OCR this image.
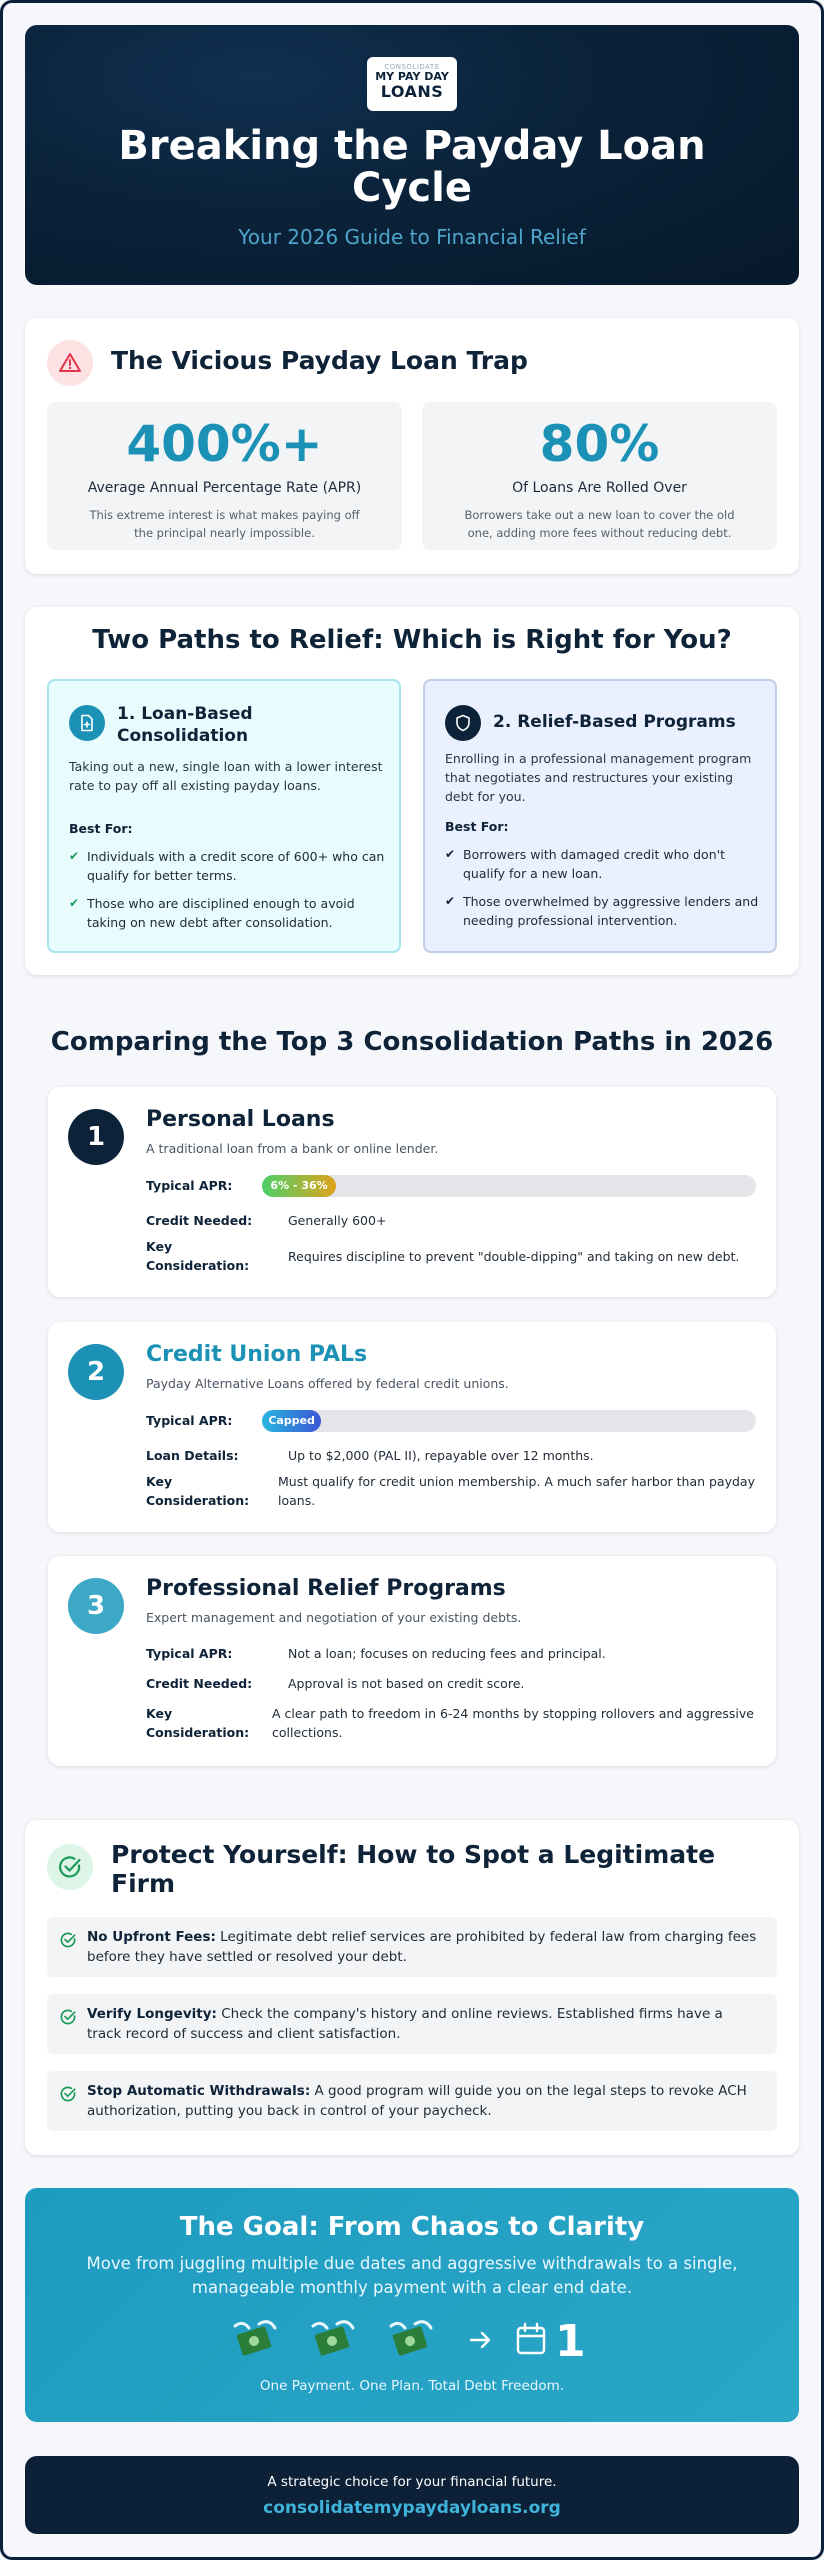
CONSOLIDATE
MY PAY DAY
LOANS
Breaking the Payday Loan Cycle
Your 2026 Guide to Financial Relief
The Vicious Payday Loan Trap
400%+
Average Annual Percentage Rate (APR)
This extreme interest is what makes paying off the principal nearly impossible.
80%
Of Loans Are Rolled Over
Borrowers take out a new loan to cover the old one, adding more fees without reducing debt.
Two Paths to Relief: Which is Right for You?
1. Loan-Based Consolidation
Taking out a new, single loan with a lower interest rate to pay off all existing payday loans.
Best For:
✔ Individuals with a credit score of 600+ who can qualify for better terms.
✔ Those who are disciplined enough to avoid taking on new debt after consolidation.
2. Relief-Based Programs
Enrolling in a professional management program that negotiates and restructures your existing debt for you.
Best For:
✔ Borrowers with damaged credit who don't qualify for a new loan.
✔ Those overwhelmed by aggressive lenders and needing professional intervention.
Comparing the Top 3 Consolidation Paths in 2026
1
Personal Loans
A traditional loan from a bank or online lender.
Typical APR:	6% - 36%
Credit Needed:	Generally 600+
Key Consideration:
Requires discipline to prevent "double-dipping" and taking on new debt.
2
Credit Union PALs
Payday Alternative Loans offered by federal credit unions.
Typical APR:	Capped at 28%
Loan Details:	Up to $2,000 (PAL II), repayable over 12 months.
Key Consideration:
Must qualify for credit union membership. A much safer harbor than payday loans.
3
Professional Relief Programs
Expert management and negotiation of your existing debts.
Typical APR:	Not a loan; focuses on reducing fees and principal.
Credit Needed:	Approval is not based on credit score.
Key Consideration:
A clear path to freedom in 6-24 months by stopping rollovers and aggressive collections.
Protect Yourself: How to Spot a Legitimate Firm
No Upfront Fees: Legitimate debt relief services are prohibited by federal law from charging fees before they have settled or resolved your debt.
Verify Longevity: Check the company's history and online reviews. Established firms have a track record of success and client satisfaction.
Stop Automatic Withdrawals: A good program will guide you on the legal steps to revoke ACH authorization, putting you back in control of your paycheck.
The Goal: From Chaos to Clarity
Move from juggling multiple due dates and aggressive withdrawals to a single, manageable monthly payment with a clear end date.
1
One Payment. One Plan. Total Debt Freedom.
A strategic choice for your financial future.
consolidatemypaydayloans.org
